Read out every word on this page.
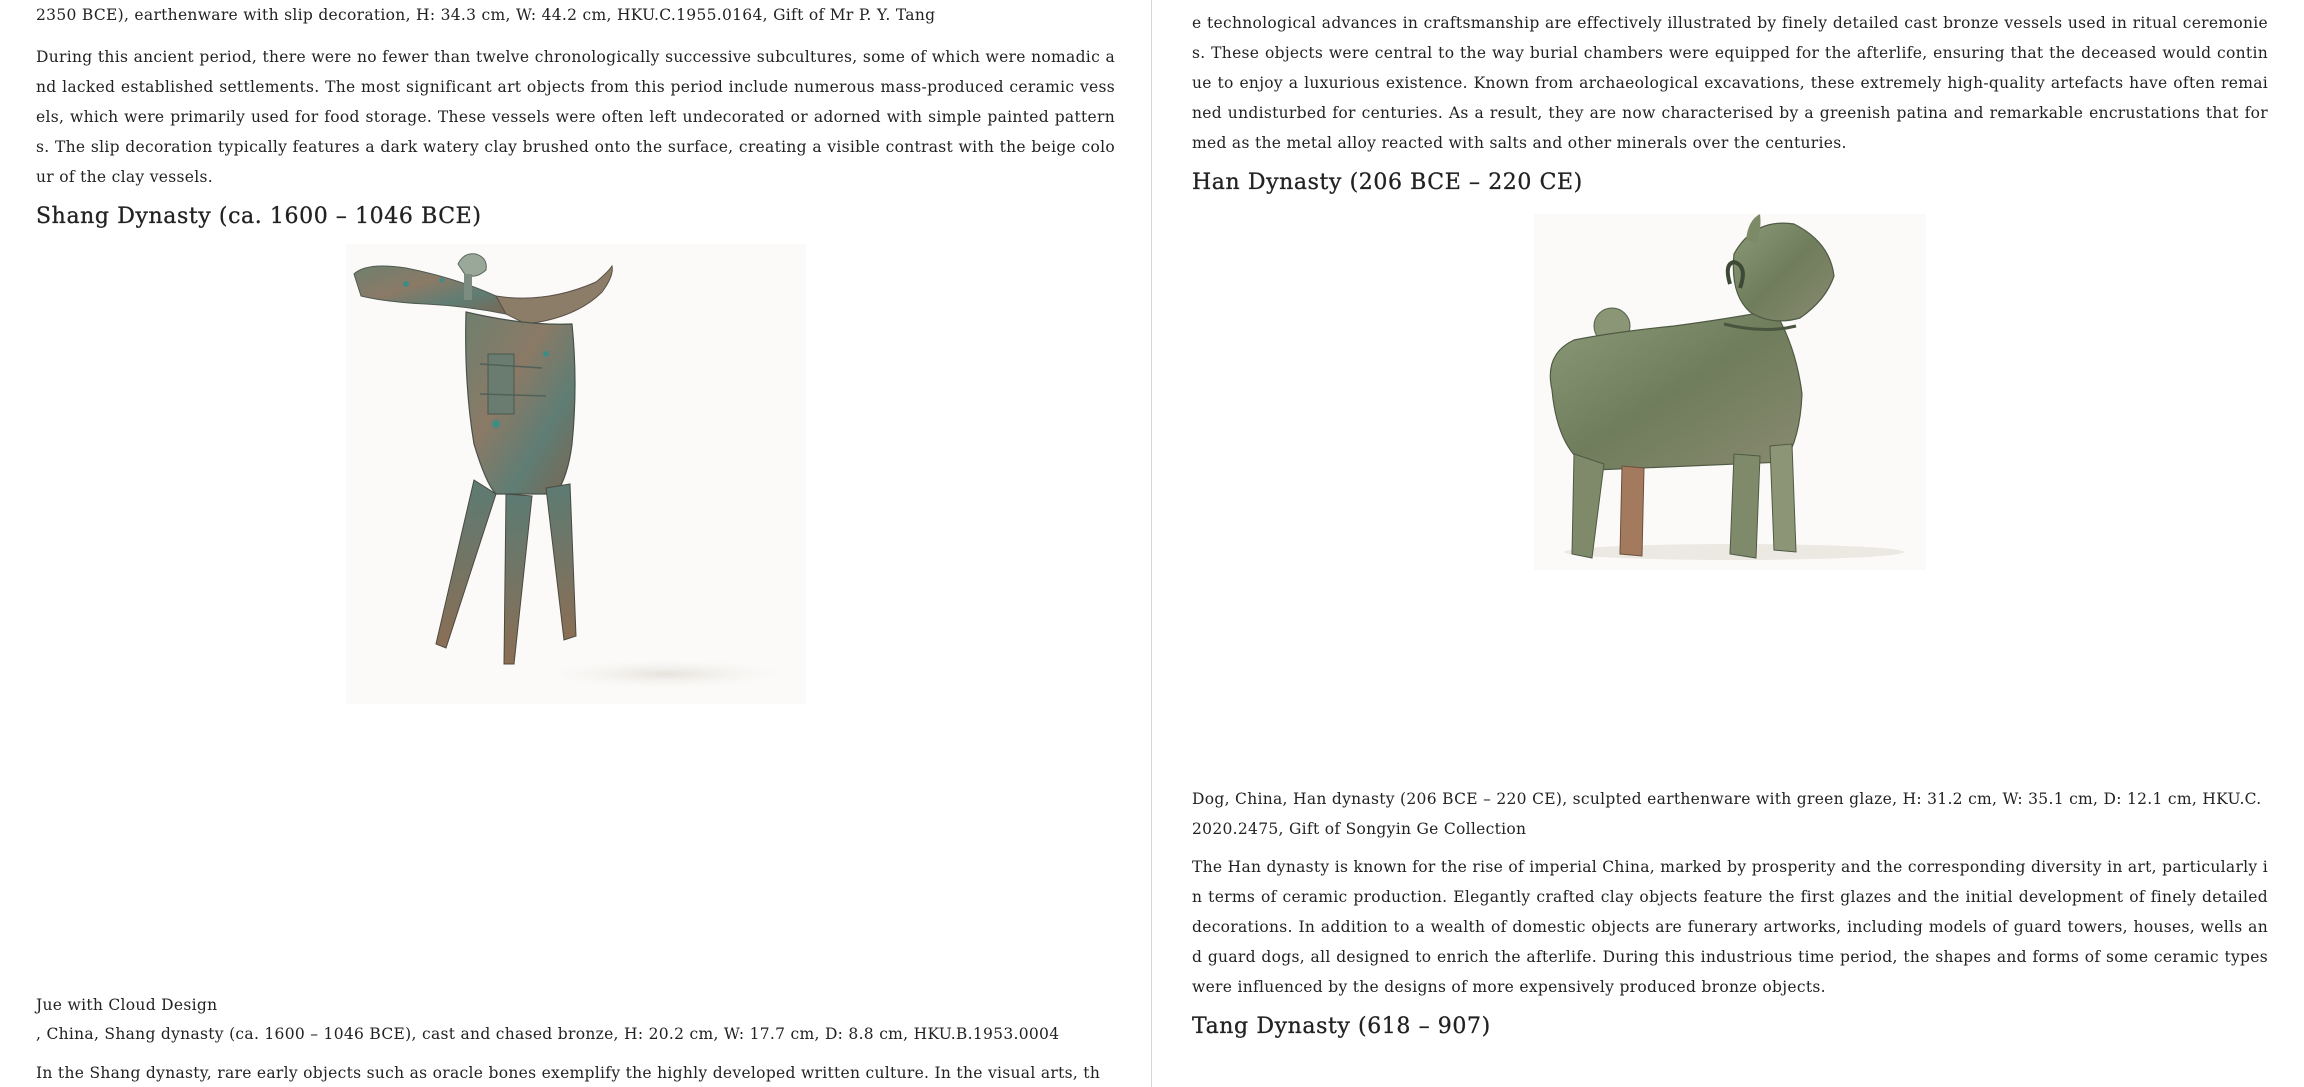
2350 BCE), earthenware with slip decoration, H: 34.3 cm, W: 44.2 cm, HKU.C.1955.0164, Gift of Mr P. Y. Tang

During this ancient period, there were no fewer than twelve chronologically successive subcultures, some of which were nomadic and lacked established settlements. The most significant art objects from this period include numerous mass-produced ceramic vessels, which were primarily used for food storage. These vessels were often left undecorated or adorned with simple painted patterns. The slip decoration typically features a dark watery clay brushed onto the surface, creating a visible contrast with the beige colour of the clay vessels.

Shang Dynasty (ca. 1600 – 1046 BCE)

Jue with Cloud Design

, China, Shang dynasty (ca. 1600 – 1046 BCE), cast and chased bronze, H: 20.2 cm, W: 17.7 cm, D: 8.8 cm, HKU.B.1953.0004

In the Shang dynasty, rare early objects such as oracle bones exemplify the highly developed written culture. In the visual arts, th

e technological advances in craftsmanship are effectively illustrated by finely detailed cast bronze vessels used in ritual ceremonies. These objects were central to the way burial chambers were equipped for the afterlife, ensuring that the deceased would continue to enjoy a luxurious existence. Known from archaeological excavations, these extremely high-quality artefacts have often remained undisturbed for centuries. As a result, they are now characterised by a greenish patina and remarkable encrustations that formed as the metal alloy reacted with salts and other minerals over the centuries.

Han Dynasty (206 BCE – 220 CE)

Dog, China, Han dynasty (206 BCE – 220 CE), sculpted earthenware with green glaze, H: 31.2 cm, W: 35.1 cm, D: 12.1 cm, HKU.C.2020.2475, Gift of Songyin Ge Collection

The Han dynasty is known for the rise of imperial China, marked by prosperity and the corresponding diversity in art, particularly in terms of ceramic production. Elegantly crafted clay objects feature the first glazes and the initial development of finely detailed decorations. In addition to a wealth of domestic objects are funerary artworks, including models of guard towers, houses, wells and guard dogs, all designed to enrich the afterlife. During this industrious time period, the shapes and forms of some ceramic types were influenced by the designs of more expensively produced bronze objects.

Tang Dynasty (618 – 907)
